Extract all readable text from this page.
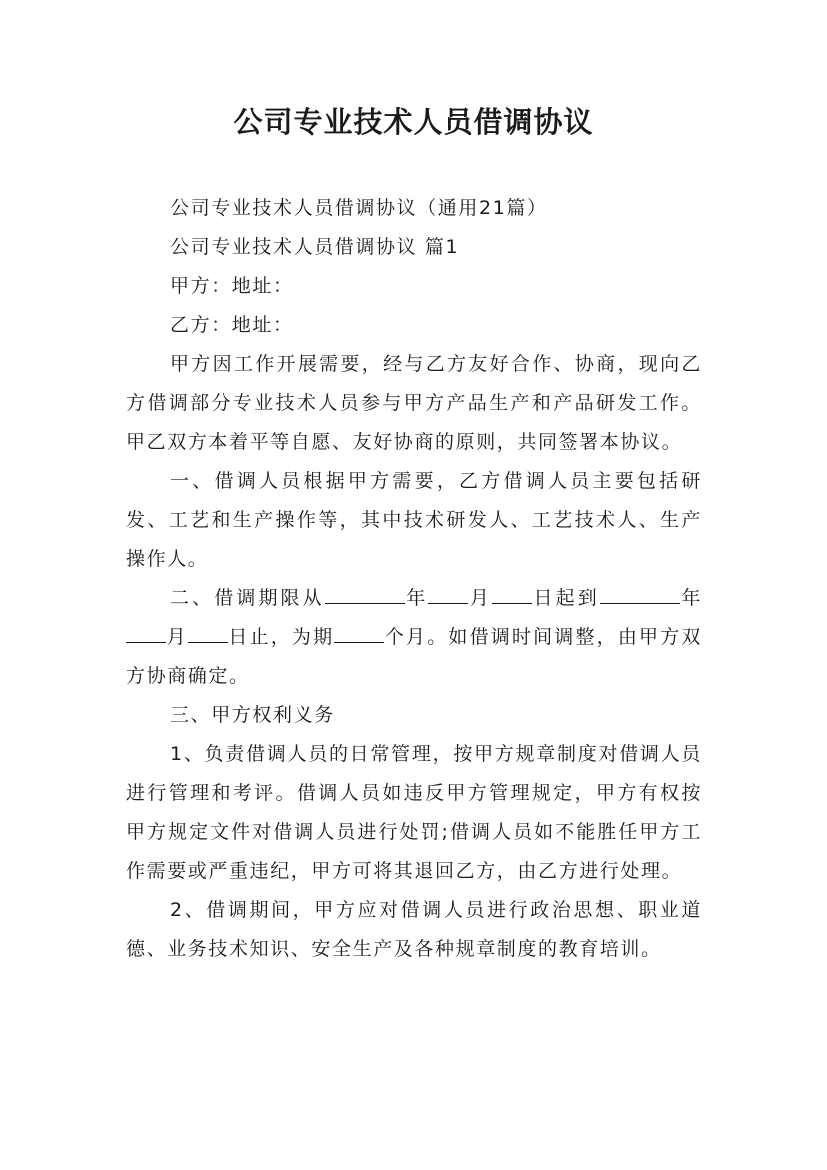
公司专业技术人员借调协议

公司专业技术人员借调协议（通用21篇）

公司专业技术人员借调协议 篇1

甲方：地址：

乙方：地址：

甲方因工作开展需要，经与乙方友好合作、协商，现向乙方借调部分专业技术人员参与甲方产品生产和产品研发工作。甲乙双方本着平等自愿、友好协商的原则，共同签署本协议。

一、借调人员根据甲方需要，乙方借调人员主要包括研发、工艺和生产操作等，其中技术研发人、工艺技术人、生产操作人。

二、借调期限从	年 月 日起到	年月 日止，为期	个月。如借调时间调整，由甲方双方协商确定。

三、甲方权利义务

1、负责借调人员的日常管理，按甲方规章制度对借调人员进行管理和考评。借调人员如违反甲方管理规定，甲方有权按甲方规定文件对借调人员进行处罚;借调人员如不能胜任甲方工作需要或严重违纪，甲方可将其退回乙方，由乙方进行处理。

2、借调期间，甲方应对借调人员进行政治思想、职业道德、业务技术知识、安全生产及各种规章制度的教育培训。
